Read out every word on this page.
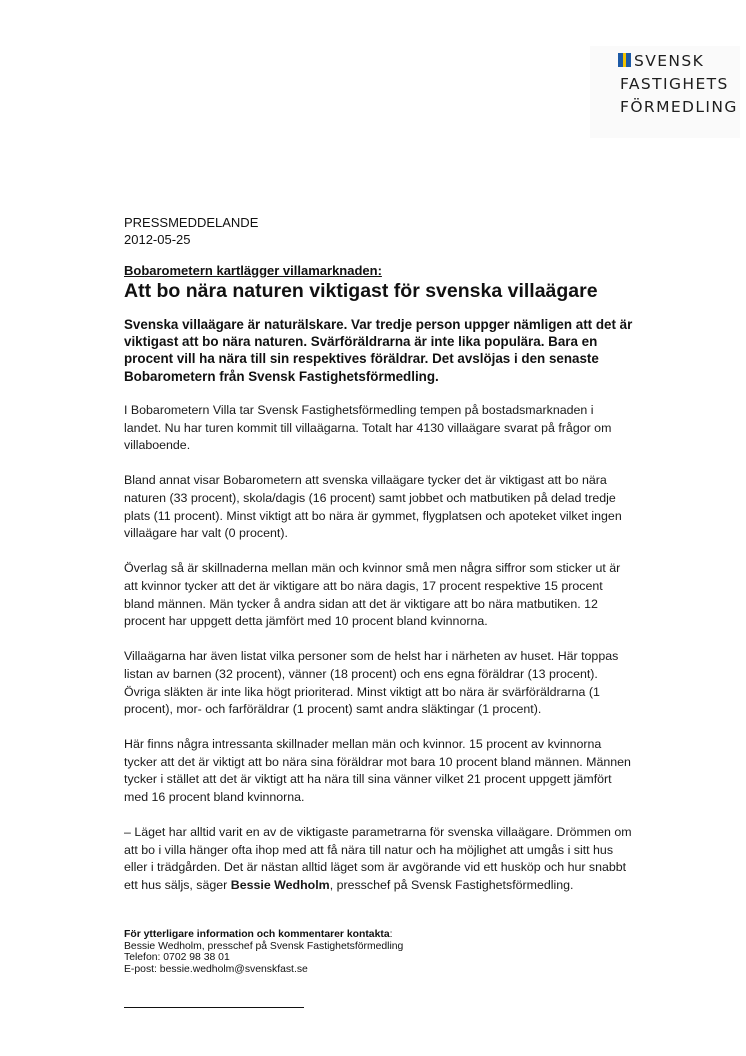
SVENSK
FASTIGHETS
FÖRMEDLING
PRESSMEDDELANDE
2012-05-25
Bobarometern kartlägger villamarknaden:
Att bo nära naturen viktigast för svenska villaägare

Svenska villaägare är naturälskare. Var tredje person uppger nämligen att det är viktigast att bo nära naturen. Svärföräldrarna är inte lika populära. Bara en procent vill ha nära till sin respektives föräldrar. Det avslöjas i den senaste Bobarometern från Svensk Fastighetsförmedling.

I Bobarometern Villa tar Svensk Fastighetsförmedling tempen på bostadsmarknaden i landet. Nu har turen kommit till villaägarna. Totalt har 4130 villaägare svarat på frågor om villaboende.

Bland annat visar Bobarometern att svenska villaägare tycker det är viktigast att bo nära naturen (33 procent), skola/dagis (16 procent) samt jobbet och matbutiken på delad tredje plats (11 procent). Minst viktigt att bo nära är gymmet, flygplatsen och apoteket vilket ingen villaägare har valt (0 procent).

Överlag så är skillnaderna mellan män och kvinnor små men några siffror som sticker ut är att kvinnor tycker att det är viktigare att bo nära dagis, 17 procent respektive 15 procent bland männen. Män tycker å andra sidan att det är viktigare att bo nära matbutiken. 12 procent har uppgett detta jämfört med 10 procent bland kvinnorna.

Villaägarna har även listat vilka personer som de helst har i närheten av huset. Här toppas listan av barnen (32 procent), vänner (18 procent) och ens egna föräldrar (13 procent). Övriga släkten är inte lika högt prioriterad. Minst viktigt att bo nära är svärföräldrarna (1 procent), mor- och farföräldrar (1 procent) samt andra släktingar (1 procent).

Här finns några intressanta skillnader mellan män och kvinnor. 15 procent av kvinnorna tycker att det är viktigt att bo nära sina föräldrar mot bara 10 procent bland männen. Männen tycker i stället att det är viktigt att ha nära till sina vänner vilket 21 procent uppgett jämfört med 16 procent bland kvinnorna.

– Läget har alltid varit en av de viktigaste parametrarna för svenska villaägare. Drömmen om att bo i villa hänger ofta ihop med att få nära till natur och ha möjlighet att umgås i sitt hus eller i trädgården. Det är nästan alltid läget som är avgörande vid ett husköp och hur snabbt ett hus säljs, säger Bessie Wedholm, presschef på Svensk Fastighetsförmedling.

För ytterligare information och kommentarer kontakta:
Bessie Wedholm, presschef på Svensk Fastighetsförmedling
Telefon: 0702 98 38 01
E-post: bessie.wedholm@svenskfast.se
